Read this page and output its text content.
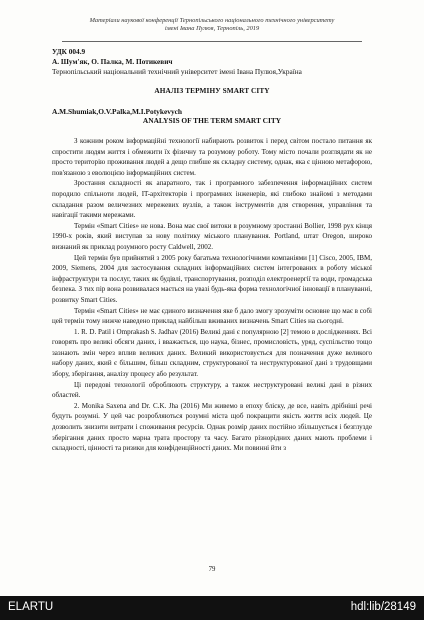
Матеріали наукової конференції Тернопільського національного технічного університету
імені Івана Пулюя, Тернопіль, 2019
УДК 004.9
А. Шум'як, О. Палка, М. Потикевич
Тернопільський національний технічний університет імені Івана Пулюя,Україна
АНАЛІЗ ТЕРМІНУ SMART CITY
A.M.Shumiak,O.V.Palka,M.I.Potykevych
ANALYSIS OF THE TERM SMART CITY

З кожним роком інформаційні технології набирають розвиток і перед світом постало питання як спростити людям життя і обмежити їх фізичну та розумову роботу. Тому місто почали розглядати як не просто територію проживання людей а дещо глибше як складну систему, однак, яка є цінною метафорою, пов'язаною з еволюцією інформаційних систем.

Зростання складності як апаратного, так і програмного забезпечення інформаційних систем породило спільноти людей, IT-архітекторів і програмних інженерів, які глибоко знайомі з методами складання разом величезних мережевих вузлів, а також інструментів для створення, управління та навігації такими мережами.

Термін «Smart Cities» не нова. Вона має свої витоки в розумному зростанні Bollier, 1998 рух кінця 1990-х років, який виступав за нову політику міського планування. Portland, штат Oregon, широко визнаний як приклад розумного росту Caldwell, 2002.

Цей термін був прийнятий з 2005 року багатьма технологічними компаніями [1] Cisco, 2005, IBM, 2009, Siemens, 2004 для застосування складних інформаційних систем інтегрованих в роботу міської інфраструктури та послуг, таких як будівлі, транспортування, розподіл електроенергії та води, громадська безпека. З тих пір вона розвивалася мається на увазі будь-яка форма технологічної інновації в плануванні, розвитку Smart Cities.

Термін «Smart Cities» не має єдиного визначення яке б дало змогу зрозуміти основне що має в собі цей термін тому нижче наведено приклад найбільш вживаних визначень Smart Cities на сьогодні.

1. R. D. Patil і Omprakash S. Jadhav (2016) Великі дані є популярною [2] темою в дослідженнях. Всі говорять про великі обсяги даних, і вважається, що наука, бізнес, промисловість, уряд, суспільство тощо зазнають змін через вплив великих даних. Великий використовується для позначення дуже великого набору даних, який є більшим, більш складним, структурованої та неструктурованої дані з трудовщами збору, зберігання, аналізу процесу або результат.

Ці передові технології оброблюють структуру, а також неструктуровані великі дані в різних областей.

2. Monika Saxena and Dr. C.K. Jha (2016) Ми живемо в епоху бліску, де все, навіть дрібніші речі будуть розумні. У цей час розробляються розумні міста щоб покращити якість життя всіх людей. Це дозволить знизити витрати і споживання ресурсів. Однак розмір даних постійно збільшується і безглузде зберігання даних просто марна трата простору та часу. Багато різнорідних даних мають проблеми і складності, цінності та ризики для конфіденційності даних. Ми повинні йти з

79
ELARTU	hdl:lib/28149
